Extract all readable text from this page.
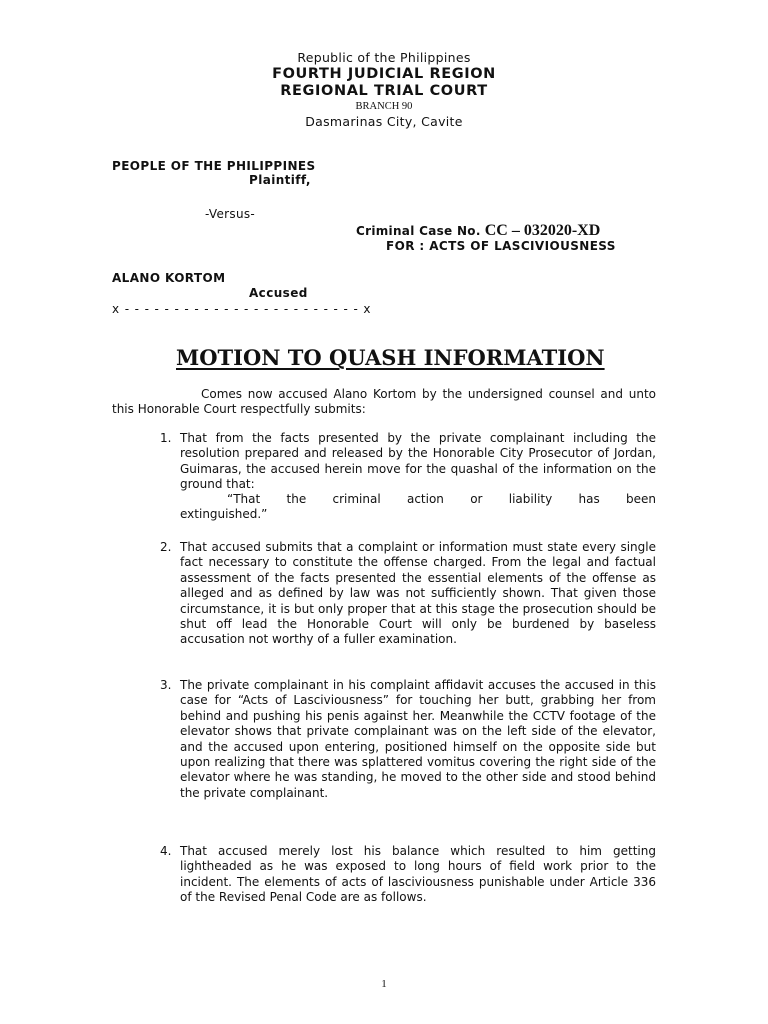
Republic of the Philippines
FOURTH JUDICIAL REGION
REGIONAL TRIAL COURT
BRANCH 90
Dasmarinas City, Cavite
PEOPLE OF THE PHILIPPINES
Plaintiff,
-Versus-
Criminal Case No. CC – 032020-XD
FOR : ACTS OF LASCIVIOUSNESS
ALANO KORTOM
Accused
x - - - - - - - - - - - - - - - - - - - - - - - - x
MOTION TO QUASH INFORMATION

Comes now accused Alano Kortom by the undersigned counsel and unto this Honorable Court respectfully submits:

1. That from the facts presented by the private complainant including the resolution prepared and released by the Honorable City Prosecutor of Jordan, Guimaras, the accused herein move for the quashal of the information on the ground that:

“That the criminal action or liability has been
extinguished.”

2. That accused submits that a complaint or information must state every single fact necessary to constitute the offense charged. From the legal and factual assessment of the facts presented the essential elements of the offense as alleged and as defined by law was not sufficiently shown. That given those circumstance, it is but only proper that at this stage the prosecution should be shut off lead the Honorable Court will only be burdened by baseless accusation not worthy of a fuller examination.

3. The private complainant in his complaint affidavit accuses the accused in this case for “Acts of Lasciviousness” for touching her butt, grabbing her from behind and pushing his penis against her. Meanwhile the CCTV footage of the elevator shows that private complainant was on the left side of the elevator, and the accused upon entering, positioned himself on the opposite side but upon realizing that there was splattered vomitus covering the right side of the elevator where he was standing, he moved to the other side and stood behind the private complainant.

4. That accused merely lost his balance which resulted to him getting lightheaded as he was exposed to long hours of field work prior to the incident. The elements of acts of lasciviousness punishable under Article 336 of the Revised Penal Code are as follows.

1
